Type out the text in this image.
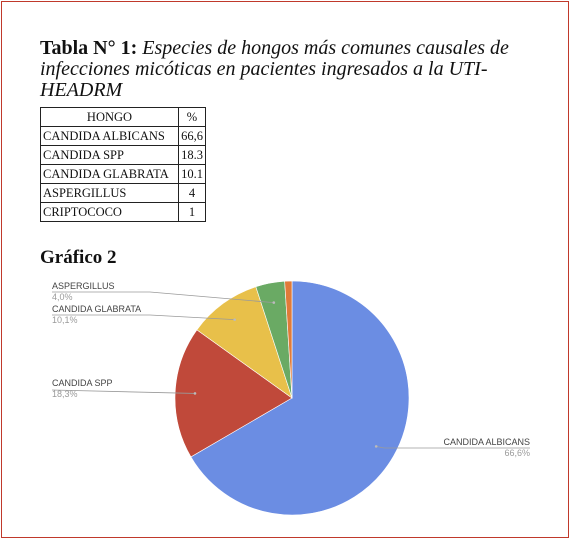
Tabla N° 1: Especies de hongos más comunes causales de infecciones micóticas en pacientes ingresados a la UTI-HEADRM
HONGO	%
CANDIDA ALBICANS	66,6
CANDIDA SPP	18.3
CANDIDA GLABRATA	10.1
ASPERGILLUS	4
CRIPTOCOCO	1
Gráfico 2
ASPERGILLUS
4,0%
CANDIDA GLABRATA
10,1%
CANDIDA SPP
18,3%
CANDIDA ALBICANS
66,6%
